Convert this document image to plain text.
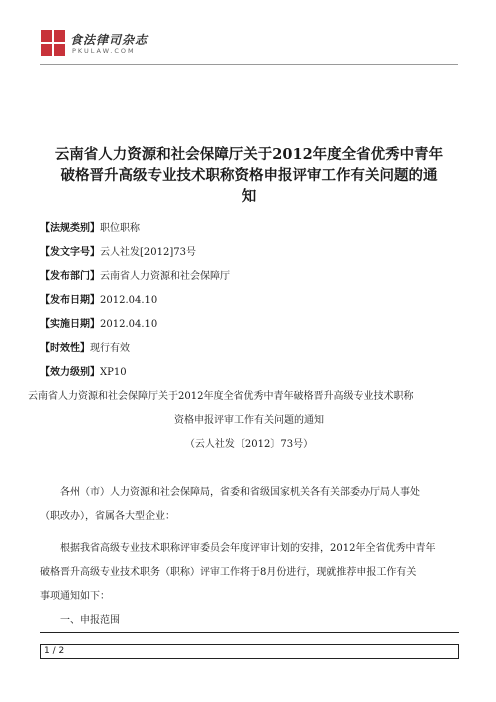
食法律司杂志
PKULAW.COM
云南省人力资源和社会保障厅关于2012年度全省优秀中青年
破格晋升高级专业技术职称资格申报评审工作有关问题的通
知
【法规类别】职位职称
【发文字号】云人社发[2012]73号
【发布部门】云南省人力资源和社会保障厅
【发布日期】2012.04.10
【实施日期】2012.04.10
【时效性】现行有效
【效力级别】XP10
云南省人力资源和社会保障厅关于2012年度全省优秀中青年破格晋升高级专业技术职称
资格申报评审工作有关问题的通知
（云人社发〔2012〕73号）
各州（市）人力资源和社会保障局，省委和省级国家机关各有关部委办厅局人事处
（职改办），省属各大型企业：
根据我省高级专业技术职称评审委员会年度评审计划的安排，2012年全省优秀中青年
破格晋升高级专业技术职务（职称）评审工作将于8月份进行，现就推荐申报工作有关
事项通知如下：
一、申报范围
1 / 2
